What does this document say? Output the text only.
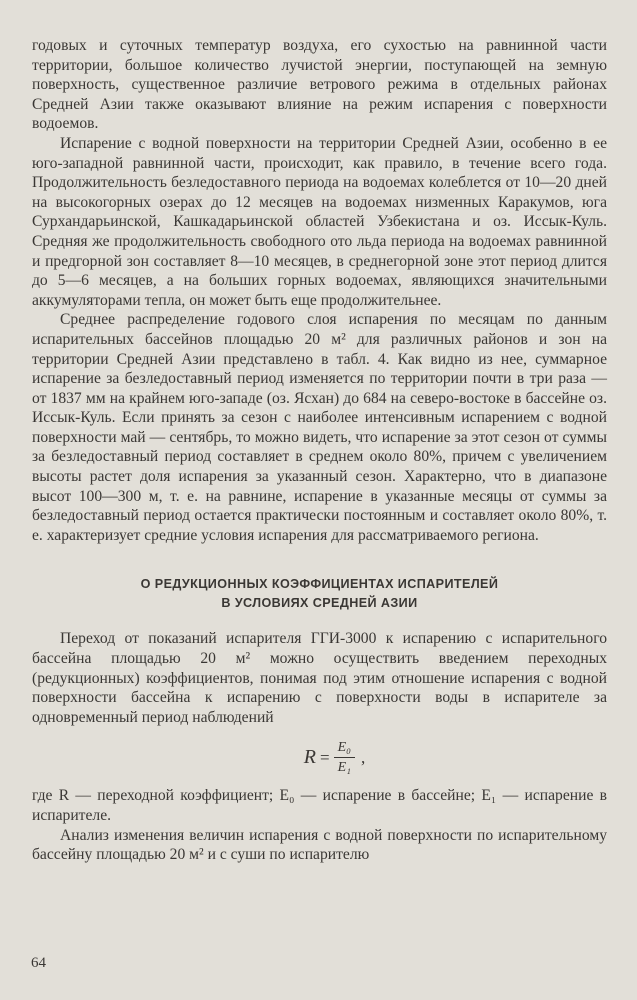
годовых и суточных температур воздуха, его сухостью на равнинной части территории, большое количество лучистой энергии, поступающей на земную поверхность, существенное различие ветрового режима в отдельных районах Средней Азии также оказывают влияние на режим испарения с поверхности водоемов.

Испарение с водной поверхности на территории Средней Азии, особенно в ее юго-западной равнинной части, происходит, как правило, в течение всего года. Продолжительность безледоставного периода на водоемах колеблется от 10—20 дней на высокогорных озерах до 12 месяцев на водоемах низменных Каракумов, юга Сурхандарьинской, Кашкадарьинской областей Узбекистана и оз. Иссык-Куль. Средняя же продолжительность свободного ото льда периода на водоемах равнинной и предгорной зон составляет 8—10 месяцев, в среднегорной зоне этот период длится до 5—6 месяцев, а на больших горных водоемах, являющихся значительными аккумуляторами тепла, он может быть еще продолжительнее.

Среднее распределение годового слоя испарения по месяцам по данным испарительных бассейнов площадью 20 м² для различных районов и зон на территории Средней Азии представлено в табл. 4. Как видно из нее, суммарное испарение за безледоставный период изменяется по территории почти в три раза — от 1837 мм на крайнем юго-западе (оз. Ясхан) до 684 на северо-востоке в бассейне оз. Иссык-Куль. Если принять за сезон с наиболее интенсивным испарением с водной поверхности май — сентябрь, то можно видеть, что испарение за этот сезон от суммы за безледоставный период составляет в среднем около 80%, причем с увеличением высоты растет доля испарения за указанный сезон. Характерно, что в диапазоне высот 100—300 м, т. е. на равнине, испарение в указанные месяцы от суммы за безледоставный период остается практически постоянным и составляет около 80%, т. е. характеризует средние условия испарения для рассматриваемого региона.

О РЕДУКЦИОННЫХ КОЭФФИЦИЕНТАХ ИСПАРИТЕЛЕЙ
В УСЛОВИЯХ СРЕДНЕЙ АЗИИ

Переход от показаний испарителя ГГИ-3000 к испарению с испарительного бассейна площадью 20 м² можно осуществить введением переходных (редукционных) коэффициентов, понимая под этим отношение испарения с водной поверхности бассейна к испарению с поверхности воды в испарителе за одновременный период наблюдений

$R = \frac{\text{E₀}}{\text{E₁}}$ ,

где R — переходной коэффициент; E₀ — испарение в бассейне; E₁ — испарение в испарителе.

Анализ изменения величин испарения с водной поверхности по испарительному бассейну площадью 20 м² и с суши по испарителю

64
